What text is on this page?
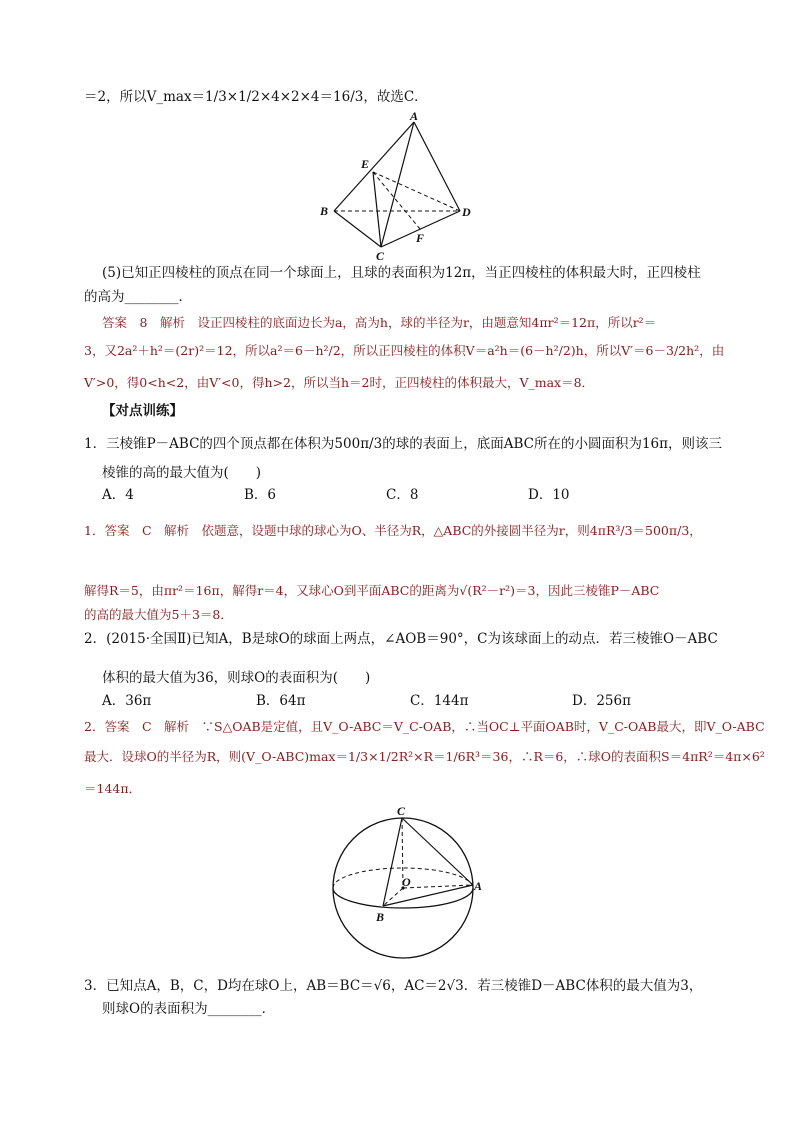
＝2，所以V_max＝1/3×1/2×4×2×4＝16/3，故选C．
A
E
B	D
F
C
(5)已知正四棱柱的顶点在同一个球面上，且球的表面积为12π，当正四棱柱的体积最大时，正四棱柱
的高为________．
答案　8　解析　设正四棱柱的底面边长为a，高为h，球的半径为r，由题意知4πr²＝12π，所以r²＝
3，又2a²＋h²＝(2r)²＝12，所以a²＝6－h²/2，所以正四棱柱的体积V＝a²h＝(6－h²/2)h，所以V′＝6－3/2h²，由
V′>0，得0<h<2，由V′<0，得h>2，所以当h＝2时，正四棱柱的体积最大，V_max＝8．
【对点训练】
1．三棱锥P－ABC的四个顶点都在体积为500π/3的球的表面上，底面ABC所在的小圆面积为16π，则该三
棱锥的高的最大值为(　　)
A．4	B．6	C．8	D．10
1．答案　C　解析　依题意，设题中球的球心为O、半径为R，△ABC的外接圆半径为r，则4πR³/3＝500π/3，
解得R＝5，由πr²＝16π，解得r＝4，又球心O到平面ABC的距离为√(R²－r²)＝3，因此三棱锥P－ABC
的高的最大值为5＋3＝8．
2．(2015·全国Ⅱ)已知A，B是球O的球面上两点，∠AOB＝90°，C为该球面上的动点．若三棱锥O－ABC
体积的最大值为36，则球O的表面积为(　　)
A．36π	B．64π	C．144π	D．256π
2．答案　C　解析　∵S△OAB是定值，且V_O-ABC＝V_C-OAB，∴当OC⊥平面OAB时，V_C-OAB最大，即V_O-ABC
最大．设球O的半径为R，则(V_O-ABC)max＝1/3×1/2R²×R＝1/6R³＝36，∴R＝6，∴球O的表面积S＝4πR²＝4π×6²
＝144π．
C
O	A
B
3．已知点A，B，C，D均在球O上，AB＝BC＝√6，AC＝2√3．若三棱锥D－ABC体积的最大值为3，
则球O的表面积为________．
